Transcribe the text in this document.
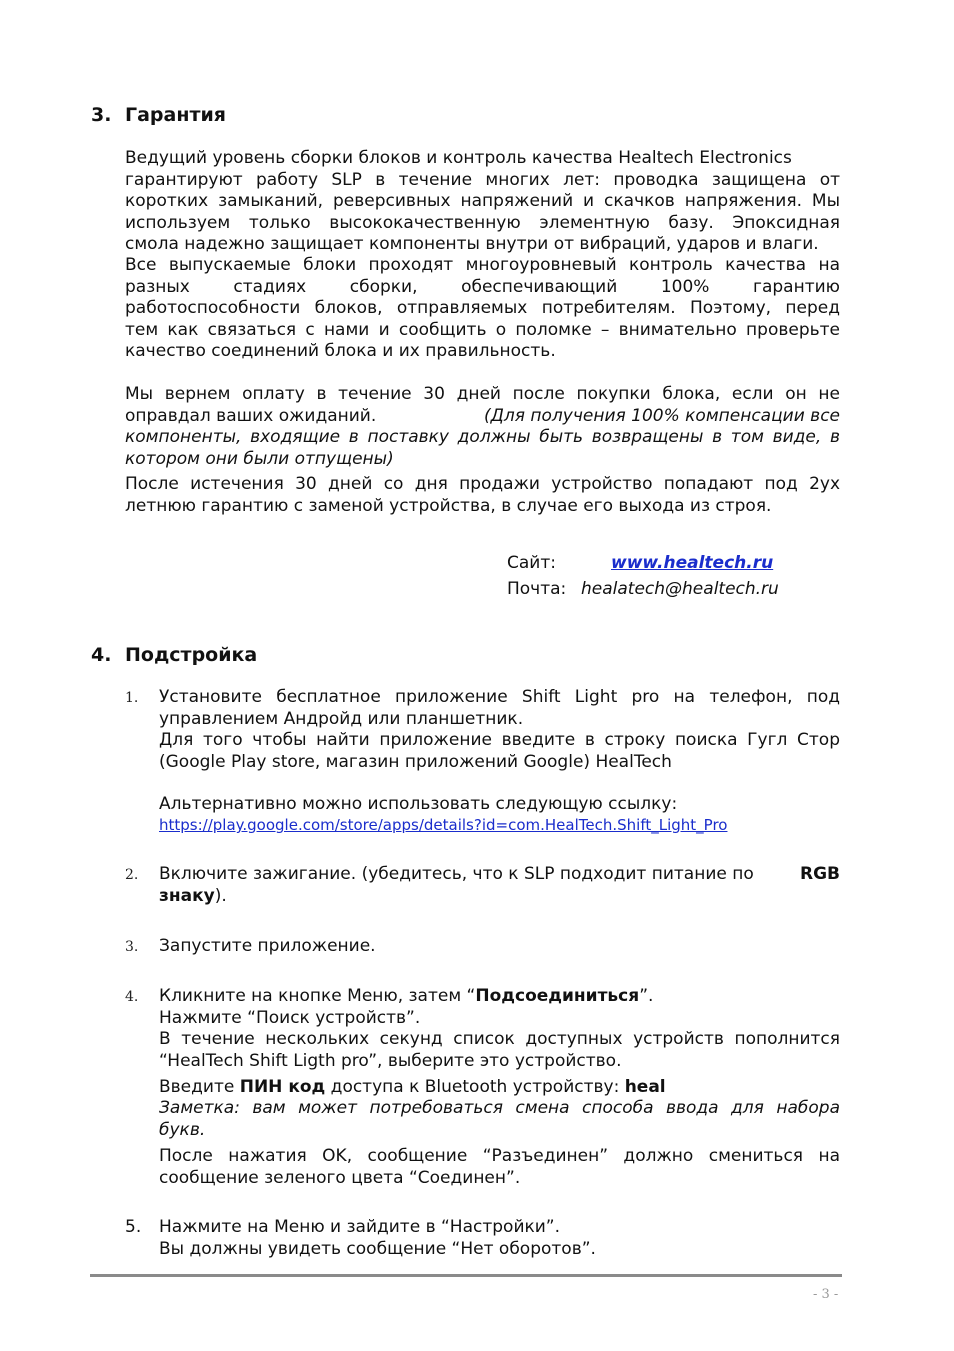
3. Гарантия
Ведущий уровень сборки блоков и контроль качества Healtech Electronics
гарантируют работу SLP в течение многих лет: проводка защищена от
коротких замыканий, реверсивных напряжений и скачков напряжения. Мы
используем только высококачественную элементную базу. Эпоксидная
смола надежно защищает компоненты внутри от вибраций, ударов и влаги.
Все выпускаемые блоки проходят многоуровневый контроль качества на
разных	стадиях	сборки,	обеспечивающий	100%	гарантию
работоспособности блоков, отправляемых потребителям. Поэтому, перед
тем как связаться с нами и сообщить о поломке – внимательно проверьте
качество соединений блока и их правильность.
Мы вернем оплату в течение 30 дней после покупки блока, если он не
оправдал ваших ожиданий.	(Для получения 100% компенсации все
компоненты, входящие в поставку должны быть возвращены в том виде, в
котором они были отпущены)
После истечения 30 дней со дня продажи устройство попадают под 2ух
летнюю гарантию с заменой устройства, в случае его выхода из строя.
Сайт:	www.healtech.ru
Почта: healatech@healtech.ru
4. Подстройка
1. Установите бесплатное приложение Shift Light pro на телефон, под
управлением Андройд или планшетник.
Для того чтобы найти приложение введите в строку поиска Гугл Стор
(Google Play store, магазин приложений Google) HealTech
Альтернативно можно использовать следующую ссылку:
https://play.google.com/store/apps/details?id=com.HealTech.Shift_Light_Pro
2. Включите зажигание. (убедитесь, что к SLP подходит питание по	RGB
знаку).
3. Запустите приложение.
4. Кликните на кнопке Меню, затем “Подсоединиться”.
Нажмите “Поиск устройств”.
В течение нескольких секунд список доступных устройств пополнится
“HealTech Shift Ligth pro”, выберите это устройство.
Введите ПИН код доступа к Bluetooth устройству: heal
Заметка: вам может потребоваться смена способа ввода для набора
букв.
После нажатия OK, сообщение “Разъединен” должно смениться на
сообщение зеленого цвета “Соединен”.
5. Нажмите на Меню и зайдите в “Настройки”.
Вы должны увидеть сообщение “Нет оборотов”.
- 3 -
